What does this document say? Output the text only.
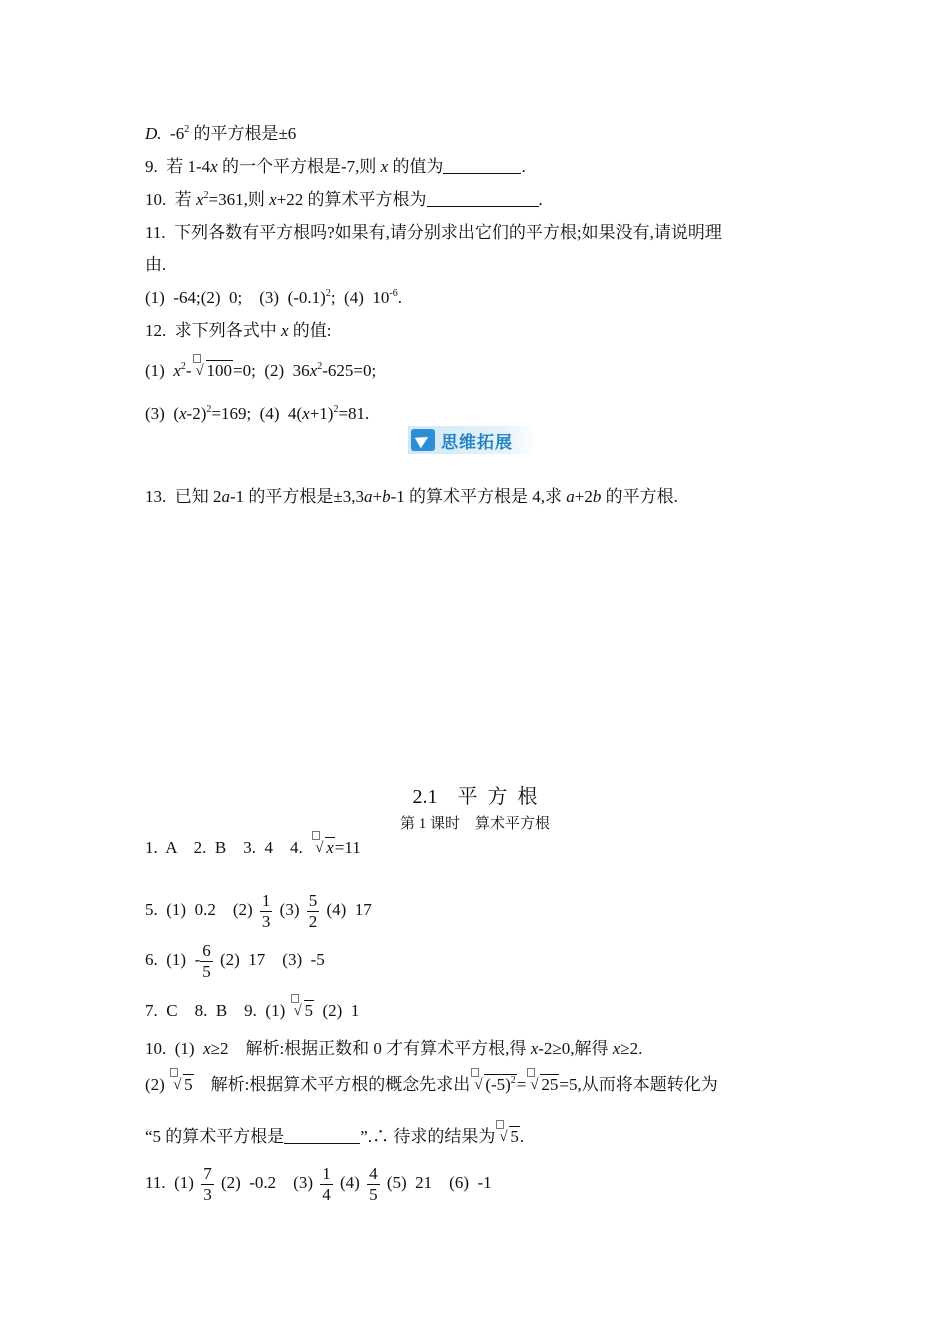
D. $-6^2$ 的平方根是±6
9. 若 1-4x 的一个平方根是-7,则 x 的值为	.
10. 若 $x^2=361$,则 x+22 的算术平方根为	.
11. 下列各数有平方根吗?如果有,请分别求出它们的平方根;如果没有,请说明理
由.
(1)  -64;(2)  0;    (3)  $(-0.1)^2$;  (4)  $10^{-6}$.
12. 求下列各式中 x 的值:
(1)  $x^2-$ √ 100=0;  (2)  $36x^2-625=0$;
(3)  $(x-2)^2=169$;  (4)  $4(x+1)^2=81$.
思维拓展
13. 已知 2a-1 的平方根是±3,3a+b-1 的算术平方根是 4,求 a+2b 的平方根.
2.1    平  方  根
第 1 课时    算术平方根
1.  A    2.  B    3.  4    4. √ x=11
5.  (1)  0.2    $(2) \frac{1}{3} (3) \frac{5}{2} (4)$  17
6.  $(1) - \frac{6}{5} (2)$  17    (3)  -5
7.  C    8.  B    9.  (1) √ 5 (2)  1
10.  (1)  x≥2    解析:根据正数和 0 才有算术平方根,得 x-2≥0,解得 x≥2.
(2) √ 5    解析:根据算术平方根的概念先求出 √ $(-5)^2=$ √ 25=5,从而将本题转化为
“5 的算术平方根是	”.∴ 待求的结果为 √ 5.
11.  $(1) \frac{7}{3} (2)$  -0.2    $(3) \frac{1}{4} (4) \frac{4}{5} (5)$  21    (6)  -1
